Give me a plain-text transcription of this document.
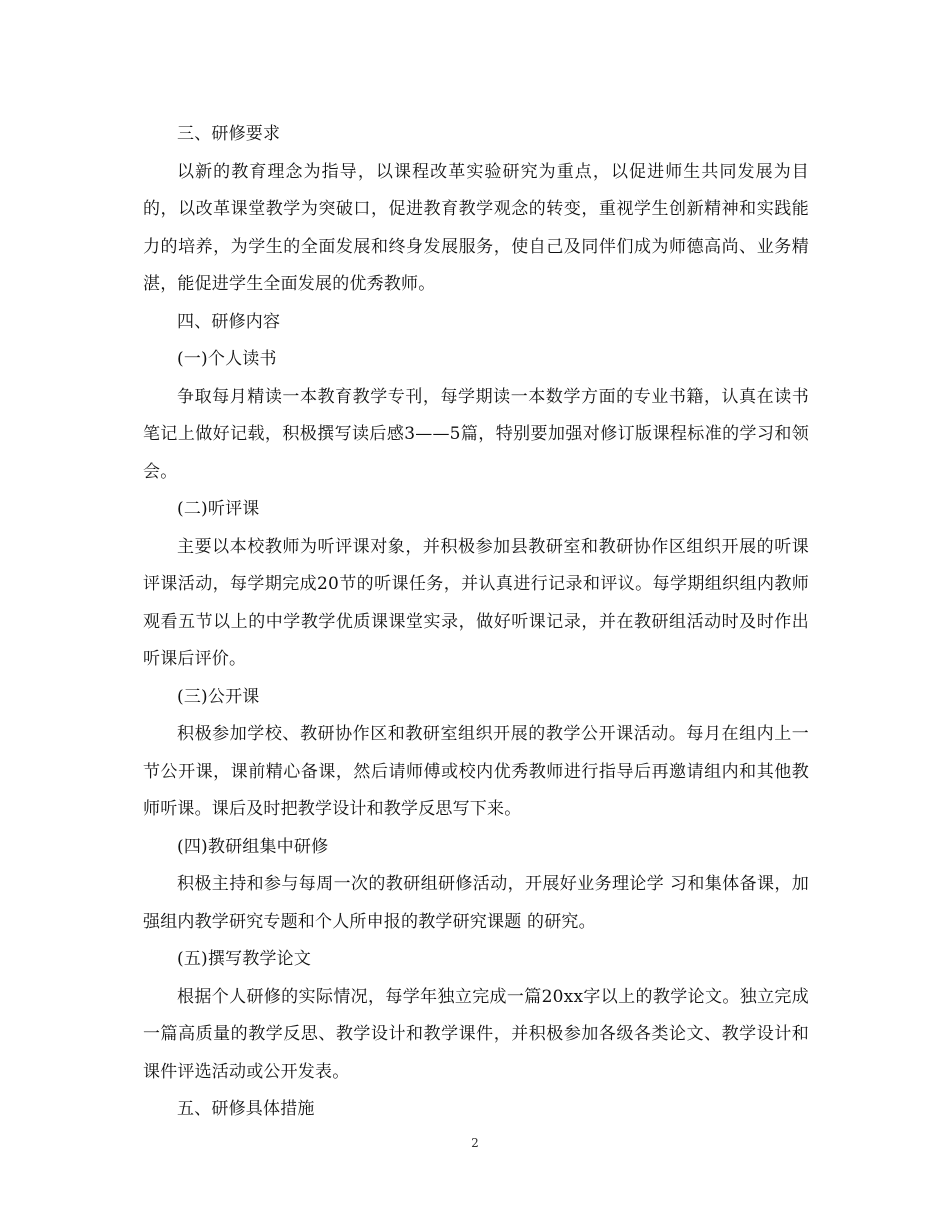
三、研修要求

以新的教育理念为指导，以课程改革实验研究为重点，以促进师生共同发展为目的，以改革课堂教学为突破口，促进教育教学观念的转变，重视学生创新精神和实践能力的培养，为学生的全面发展和终身发展服务，使自己及同伴们成为师德高尚、业务精湛，能促进学生全面发展的优秀教师。

四、研修内容

(一)个人读书

争取每月精读一本教育教学专刊，每学期读一本数学方面的专业书籍，认真在读书笔记上做好记载，积极撰写读后感3——5篇，特别要加强对修订版课程标准的学习和领会。

(二)听评课

主要以本校教师为听评课对象，并积极参加县教研室和教研协作区组织开展的听课评课活动，每学期完成20节的听课任务，并认真进行记录和评议。每学期组织组内教师观看五节以上的中学教学优质课课堂实录，做好听课记录，并在教研组活动时及时作出听课后评价。

(三)公开课

积极参加学校、教研协作区和教研室组织开展的教学公开课活动。每月在组内上一节公开课，课前精心备课，然后请师傅或校内优秀教师进行指导后再邀请组内和其他教师听课。课后及时把教学设计和教学反思写下来。

(四)教研组集中研修

积极主持和参与每周一次的教研组研修活动，开展好业务理论学 习和集体备课，加强组内教学研究专题和个人所申报的教学研究课题 的研究。

(五)撰写教学论文

根据个人研修的实际情况，每学年独立完成一篇20xx字以上的教学论文。独立完成一篇高质量的教学反思、教学设计和教学课件，并积极参加各级各类论文、教学设计和课件评选活动或公开发表。

五、研修具体措施

2
